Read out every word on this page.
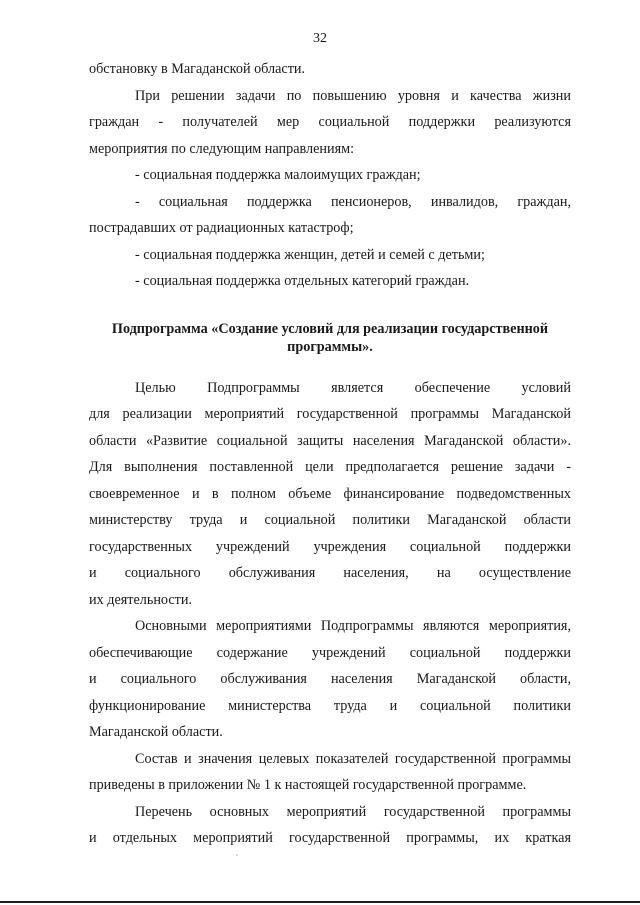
32
обстановку в Магаданской области.
При решении задачи по повышению уровня и качества жизни
граждан - получателей мер социальной поддержки реализуются
мероприятия по следующим направлениям:
- социальная поддержка малоимущих граждан;
- социальная поддержка пенсионеров, инвалидов, граждан,
пострадавших от радиационных катастроф;
- социальная поддержка женщин, детей и семей с детьми;
- социальная поддержка отдельных категорий граждан.
Подпрограмма «Создание условий для реализации государственной
программы».
Целью Подпрограммы является обеспечение условий
для реализации мероприятий государственной программы Магаданской
области «Развитие социальной защиты населения Магаданской области».
Для выполнения поставленной цели предполагается решение задачи -
своевременное и в полном объеме финансирование подведомственных
министерству труда и социальной политики Магаданской области
государственных учреждений учреждения социальной поддержки
и социального обслуживания населения, на осуществление
их деятельности.
Основными мероприятиями Подпрограммы являются мероприятия,
обеспечивающие содержание учреждений социальной поддержки
и социального обслуживания населения Магаданской области,
функционирование министерства труда и социальной политики
Магаданской области.
Состав и значения целевых показателей государственной программы
приведены в приложении № 1 к настоящей государственной программе.
Перечень основных мероприятий государственной программы
и отдельных мероприятий государственной программы, их краткая
